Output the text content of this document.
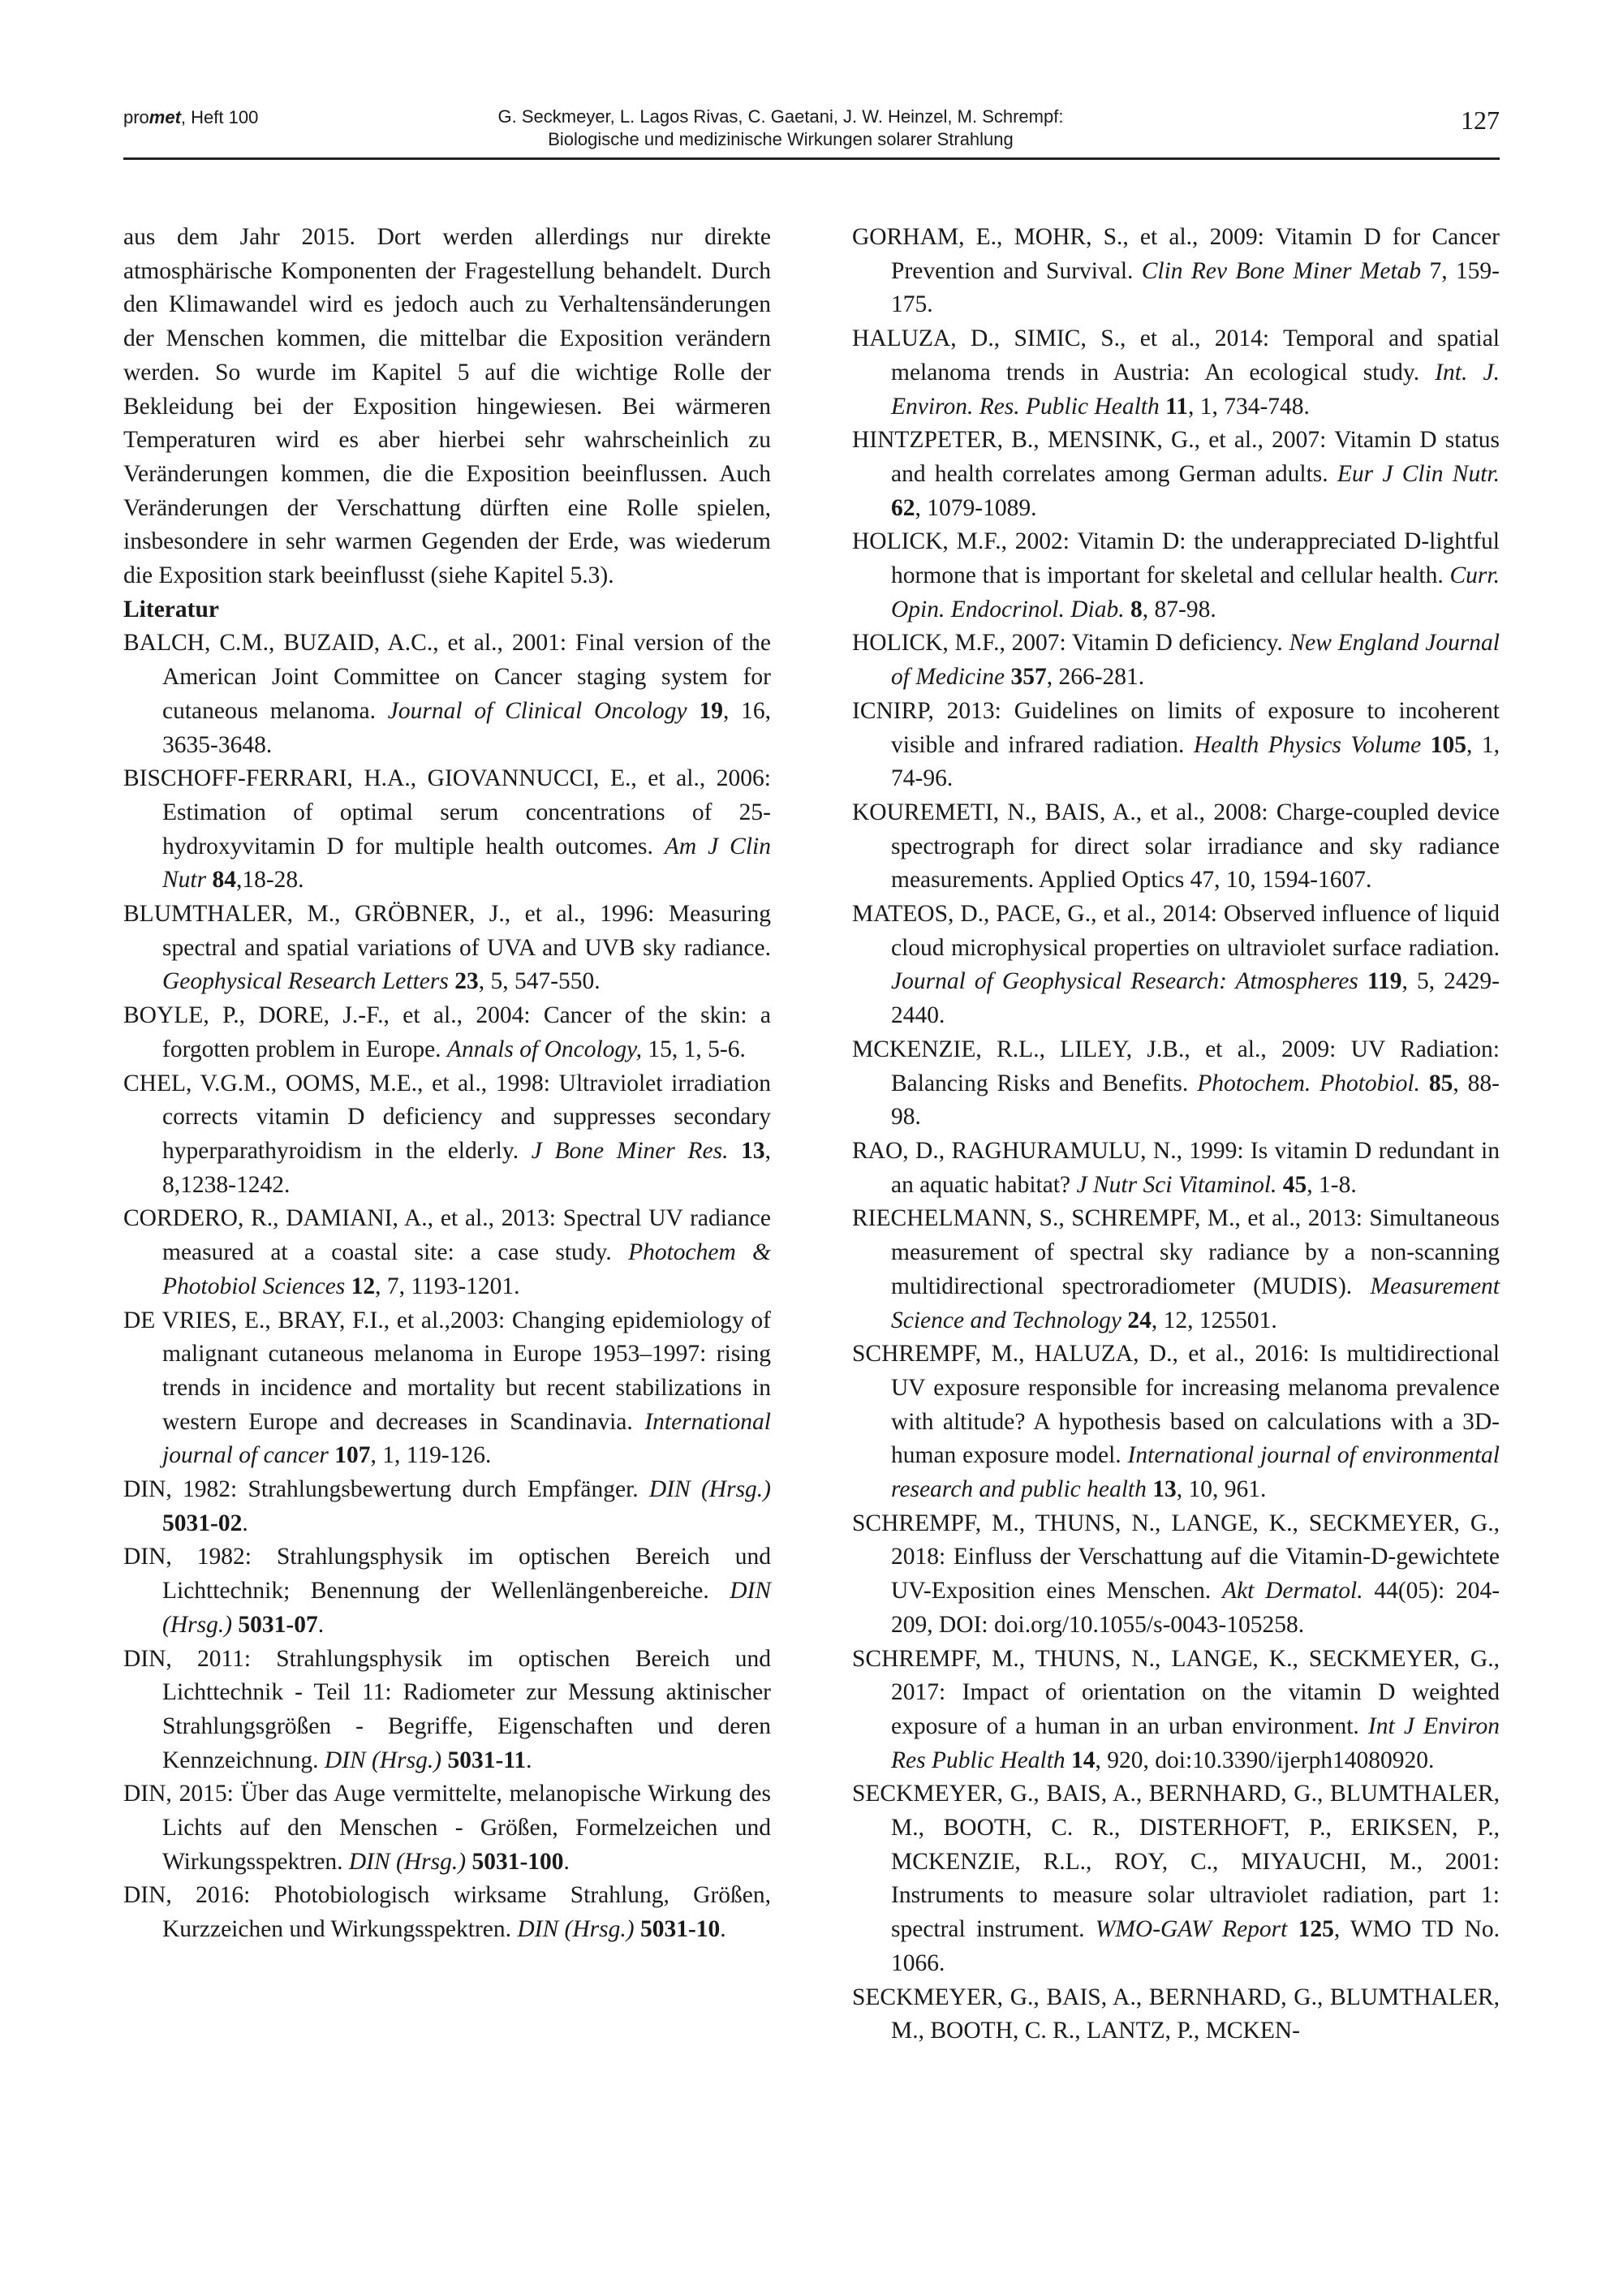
promet, Heft 100	G. Seckmeyer, L. Lagos Rivas, C. Gaetani, J. W. Heinzel, M. Schrempf:
Biologische und medizinische Wirkungen solarer Strahlung
127

aus dem Jahr 2015. Dort werden allerdings nur direkte atmosphärische Komponenten der Fragestellung behandelt. Durch den Klimawandel wird es jedoch auch zu Verhaltensänderungen der Menschen kommen, die mittelbar die Exposition verändern werden. So wurde im Kapitel 5 auf die wichtige Rolle der Bekleidung bei der Exposition hingewiesen. Bei wärmeren Temperaturen wird es aber hierbei sehr wahrscheinlich zu Veränderungen kommen, die die Exposition beeinflussen. Auch Veränderungen der Verschattung dürften eine Rolle spielen, insbesondere in sehr warmen Gegenden der Erde, was wiederum die Exposition stark beeinflusst (siehe Kapitel 5.3).

Literatur

BALCH, C.M., BUZAID, A.C., et al., 2001: Final version of the American Joint Committee on Cancer staging system for cutaneous melanoma. Journal of Clinical Oncology 19, 16, 3635-3648.

BISCHOFF-FERRARI, H.A., GIOVANNUCCI, E., et al., 2006: Estimation of optimal serum concentrations of 25-hydroxyvitamin D for multiple health outcomes. Am J Clin Nutr 84,18-28.

BLUMTHALER, M., GRÖBNER, J., et al., 1996: Measuring spectral and spatial variations of UVA and UVB sky radiance. Geophysical Research Letters 23, 5, 547-550.

BOYLE, P., DORE, J.-F., et al., 2004: Cancer of the skin: a forgotten problem in Europe. Annals of Oncology, 15, 1, 5-6.

CHEL, V.G.M., OOMS, M.E., et al., 1998: Ultraviolet irradiation corrects vitamin D deficiency and suppresses secondary hyperparathyroidism in the elderly. J Bone Miner Res. 13, 8,1238-1242.

CORDERO, R., DAMIANI, A., et al., 2013: Spectral UV radiance measured at a coastal site: a case study. Photochem & Photobiol Sciences 12, 7, 1193-1201.

DE VRIES, E., BRAY, F.I., et al.,2003: Changing epidemiology of malignant cutaneous melanoma in Europe 1953–1997: rising trends in incidence and mortality but recent stabilizations in western Europe and decreases in Scandinavia. International journal of cancer 107, 1, 119-126.

DIN, 1982: Strahlungsbewertung durch Empfänger. DIN (Hrsg.) 5031-02.

DIN, 1982: Strahlungsphysik im optischen Bereich und Lichttechnik; Benennung der Wellenlängenbereiche. DIN (Hrsg.) 5031-07.

DIN, 2011: Strahlungsphysik im optischen Bereich und Lichttechnik - Teil 11: Radiometer zur Messung aktinischer Strahlungsgrößen - Begriffe, Eigenschaften und deren Kennzeichnung. DIN (Hrsg.) 5031-11.

DIN, 2015: Über das Auge vermittelte, melanopische Wirkung des Lichts auf den Menschen - Größen, Formelzeichen und Wirkungsspektren. DIN (Hrsg.) 5031-100.

DIN, 2016: Photobiologisch wirksame Strahlung, Größen, Kurzzeichen und Wirkungsspektren. DIN (Hrsg.) 5031-10.

GORHAM, E., MOHR, S., et al., 2009: Vitamin D for Cancer Prevention and Survival. Clin Rev Bone Miner Metab 7, 159-175.

HALUZA, D., SIMIC, S., et al., 2014: Temporal and spatial melanoma trends in Austria: An ecological study. Int. J. Environ. Res. Public Health 11, 1, 734-748.

HINTZPETER, B., MENSINK, G., et al., 2007: Vitamin D status and health correlates among German adults. Eur J Clin Nutr. 62, 1079-1089.

HOLICK, M.F., 2002: Vitamin D: the underappreciated D-lightful hormone that is important for skeletal and cellular health. Curr. Opin. Endocrinol. Diab. 8, 87-98.

HOLICK, M.F., 2007: Vitamin D deficiency. New England Journal of Medicine 357, 266-281.

ICNIRP, 2013: Guidelines on limits of exposure to incoherent visible and infrared radiation. Health Physics Volume 105, 1, 74-96.

KOUREMETI, N., BAIS, A., et al., 2008: Charge-coupled device spectrograph for direct solar irradiance and sky radiance measurements. Applied Optics 47, 10, 1594-1607.

MATEOS, D., PACE, G., et al., 2014: Observed influence of liquid cloud microphysical properties on ultraviolet surface radiation. Journal of Geophysical Research: Atmospheres 119, 5, 2429-2440.

MCKENZIE, R.L., LILEY, J.B., et al., 2009: UV Radiation: Balancing Risks and Benefits. Photochem. Photobiol. 85, 88-98.

RAO, D., RAGHURAMULU, N., 1999: Is vitamin D redundant in an aquatic habitat? J Nutr Sci Vitaminol. 45, 1-8.

RIECHELMANN, S., SCHREMPF, M., et al., 2013: Simultaneous measurement of spectral sky radiance by a non-scanning multidirectional spectroradiometer (MUDIS). Measurement Science and Technology 24, 12, 125501.

SCHREMPF, M., HALUZA, D., et al., 2016: Is multidirectional UV exposure responsible for increasing melanoma prevalence with altitude? A hypothesis based on calculations with a 3D-human exposure model. International journal of environmental research and public health 13, 10, 961.

SCHREMPF, M., THUNS, N., LANGE, K., SECKMEYER, G., 2018: Einfluss der Verschattung auf die Vitamin-D-gewichtete UV-Exposition eines Menschen. Akt Dermatol. 44(05): 204-209, DOI: doi.org/10.1055/s-0043-105258.

SCHREMPF, M., THUNS, N., LANGE, K., SECKMEYER, G., 2017: Impact of orientation on the vitamin D weighted exposure of a human in an urban environment. Int J Environ Res Public Health 14, 920, doi:10.3390/ijerph14080920.

SECKMEYER, G., BAIS, A., BERNHARD, G., BLUMTHALER, M., BOOTH, C. R., DISTERHOFT, P., ERIKSEN, P., MCKENZIE, R.L., ROY, C., MIYAUCHI, M., 2001: Instruments to measure solar ultraviolet radiation, part 1: spectral instrument. WMO-GAW Report 125, WMO TD No. 1066.

SECKMEYER, G., BAIS, A., BERNHARD, G., BLUMTHALER, M., BOOTH, C. R., LANTZ, P., MCKEN-
